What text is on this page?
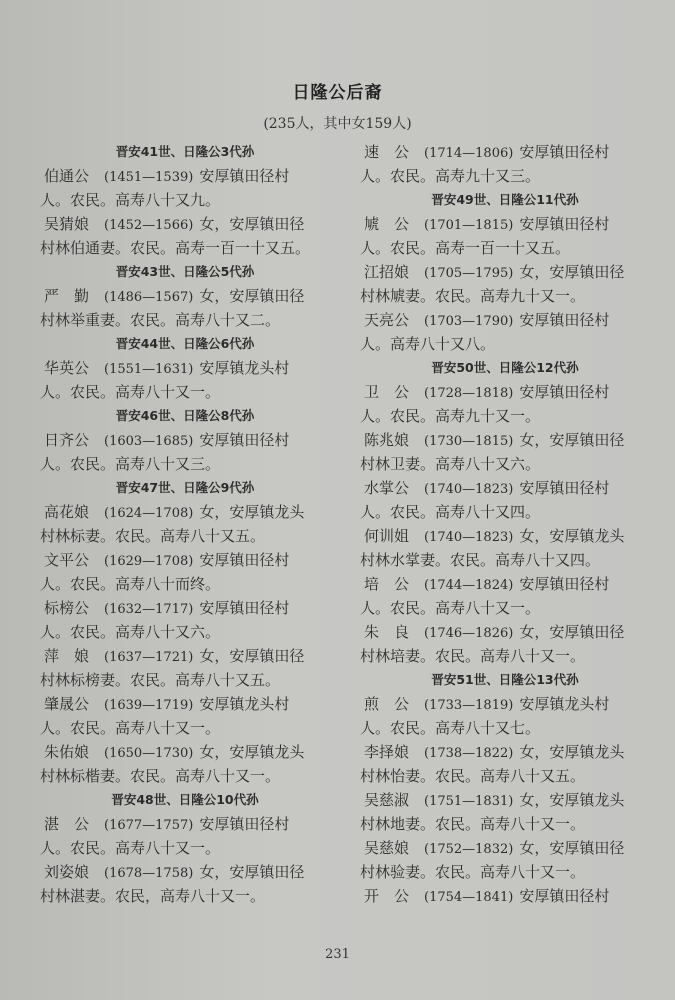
日隆公后裔
(235人，其中女159人)
晋安41世、日隆公3代孙
伯通公 (1451—1539) 安厚镇田径村
人。农民。高寿八十又九。
吴猜娘 (1452—1566) 女，安厚镇田径
村林伯通妻。农民。高寿一百一十又五。
晋安43世、日隆公5代孙
严　勤 (1486—1567) 女，安厚镇田径
村林举重妻。农民。高寿八十又二。
晋安44世、日隆公6代孙
华英公 (1551—1631) 安厚镇龙头村
人。农民。高寿八十又一。
晋安46世、日隆公8代孙
日齐公 (1603—1685) 安厚镇田径村
人。农民。高寿八十又三。
晋安47世、日隆公9代孙
高花娘 (1624—1708) 女，安厚镇龙头
村林标妻。农民。高寿八十又五。
文平公 (1629—1708) 安厚镇田径村
人。农民。高寿八十而终。
标榜公 (1632—1717) 安厚镇田径村
人。农民。高寿八十又六。
萍　娘 (1637—1721) 女，安厚镇田径
村林标榜妻。农民。高寿八十又五。
肇晟公 (1639—1719) 安厚镇龙头村
人。农民。高寿八十又一。
朱佑娘 (1650—1730) 女，安厚镇龙头
村林标楷妻。农民。高寿八十又一。
晋安48世、日隆公10代孙
湛　公 (1677—1757) 安厚镇田径村
人。农民。高寿八十又一。
刘姿娘 (1678—1758) 女，安厚镇田径
村林湛妻。农民，高寿八十又一。
速　公 (1714—1806) 安厚镇田径村
人。农民。高寿九十又三。
晋安49世、日隆公11代孙
虓　公 (1701—1815) 安厚镇田径村
人。农民。高寿一百一十又五。
江招娘 (1705—1795) 女，安厚镇田径
村林虓妻。农民。高寿九十又一。
天亮公 (1703—1790) 安厚镇田径村
人。高寿八十又八。
晋安50世、日隆公12代孙
卫　公 (1728—1818) 安厚镇田径村
人。农民。高寿九十又一。
陈兆娘 (1730—1815) 女，安厚镇田径
村林卫妻。高寿八十又六。
水掌公 (1740—1823) 安厚镇田径村
人。农民。高寿八十又四。
何训姐 (1740—1823) 女，安厚镇龙头
村林水掌妻。农民。高寿八十又四。
培　公 (1744—1824) 安厚镇田径村
人。农民。高寿八十又一。
朱　良 (1746—1826) 女，安厚镇田径
村林培妻。农民。高寿八十又一。
晋安51世、日隆公13代孙
煎　公 (1733—1819) 安厚镇龙头村
人。农民。高寿八十又七。
李择娘 (1738—1822) 女，安厚镇龙头
村林怡妻。农民。高寿八十又五。
吴慈淑 (1751—1831) 女，安厚镇龙头
村林地妻。农民。高寿八十又一。
吴慈娘 (1752—1832) 女，安厚镇田径
村林验妻。农民。高寿八十又一。
开　公 (1754—1841) 安厚镇田径村
231
